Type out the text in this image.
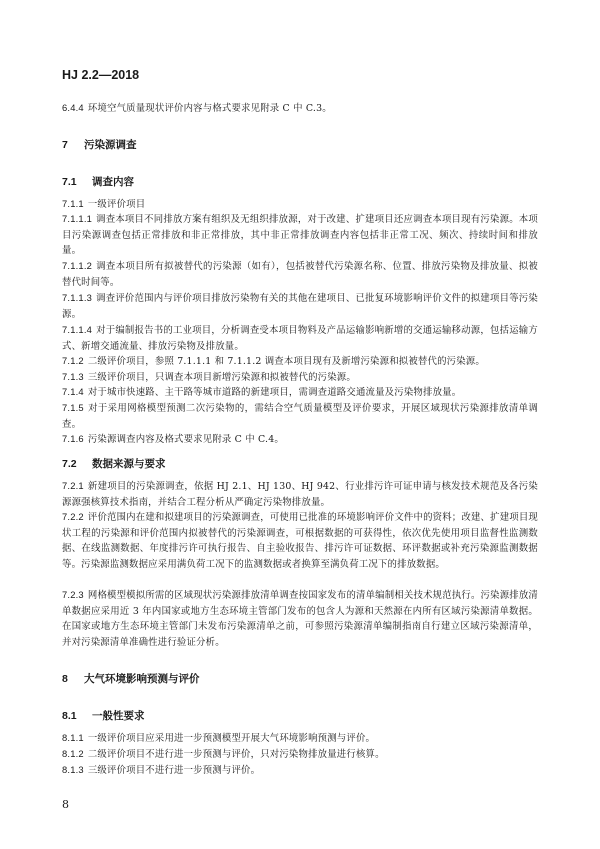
HJ 2.2—2018
6.4.4 环境空气质量现状评价内容与格式要求见附录 C 中 C.3。
7 污染源调查
7.1 调查内容
7.1.1 一级评价项目
7.1.1.1 调查本项目不同排放方案有组织及无组织排放源，对于改建、扩建项目还应调查本项目现有污染源。本项目污染源调查包括正常排放和非正常排放，其中非正常排放调查内容包括非正常工况、频次、持续时间和排放量。
7.1.1.2 调查本项目所有拟被替代的污染源（如有），包括被替代污染源名称、位置、排放污染物及排放量、拟被替代时间等。
7.1.1.3 调查评价范围内与评价项目排放污染物有关的其他在建项目、已批复环境影响评价文件的拟建项目等污染源。
7.1.1.4 对于编制报告书的工业项目，分析调查受本项目物料及产品运输影响新增的交通运输移动源，包括运输方式、新增交通流量、排放污染物及排放量。
7.1.2 二级评价项目，参照 7.1.1.1 和 7.1.1.2 调查本项目现有及新增污染源和拟被替代的污染源。
7.1.3 三级评价项目，只调查本项目新增污染源和拟被替代的污染源。
7.1.4 对于城市快速路、主干路等城市道路的新建项目，需调查道路交通流量及污染物排放量。
7.1.5 对于采用网格模型预测二次污染物的，需结合空气质量模型及评价要求，开展区域现状污染源排放清单调查。
7.1.6 污染源调查内容及格式要求见附录 C 中 C.4。
7.2 数据来源与要求
7.2.1 新建项目的污染源调查，依据 HJ 2.1、HJ 130、HJ 942、行业排污许可证申请与核发技术规范及各污染源源强核算技术指南，并结合工程分析从严确定污染物排放量。
7.2.2 评价范围内在建和拟建项目的污染源调查，可使用已批准的环境影响评价文件中的资料；改建、扩建项目现状工程的污染源和评价范围内拟被替代的污染源调查，可根据数据的可获得性，依次优先使用项目监督性监测数据、在线监测数据、年度排污许可执行报告、自主验收报告、排污许可证数据、环评数据或补充污染源监测数据等。污染源监测数据应采用满负荷工况下的监测数据或者换算至满负荷工况下的排放数据。
7.2.3 网格模型模拟所需的区域现状污染源排放清单调查按国家发布的清单编制相关技术规范执行。污染源排放清单数据应采用近 3 年内国家或地方生态环境主管部门发布的包含人为源和天然源在内所有区域污染源清单数据。在国家或地方生态环境主管部门未发布污染源清单之前，可参照污染源清单编制指南自行建立区域污染源清单，并对污染源清单准确性进行验证分析。
8 大气环境影响预测与评价
8.1 一般性要求
8.1.1 一级评价项目应采用进一步预测模型开展大气环境影响预测与评价。
8.1.2 二级评价项目不进行进一步预测与评价，只对污染物排放量进行核算。
8.1.3 三级评价项目不进行进一步预测与评价。
8
